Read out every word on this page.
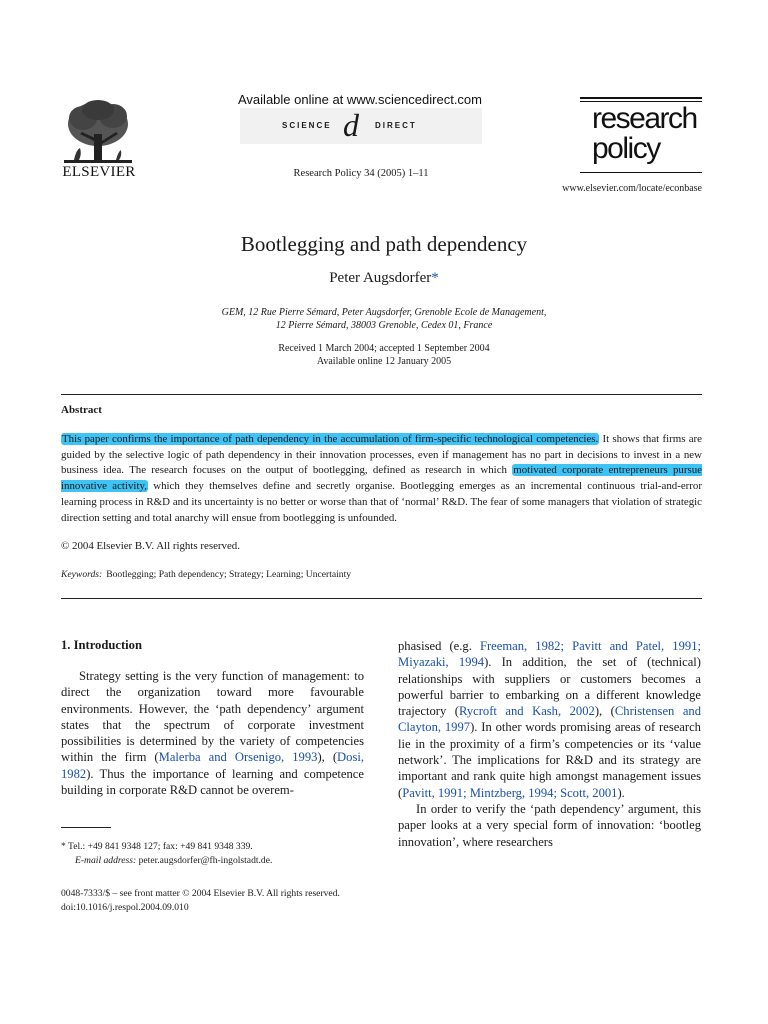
ELSEVIER
Available online at www.sciencedirect.com
SCIENCE d DIRECT
Research Policy 34 (2005) 1–11
research
policy
www.elsevier.com/locate/econbase
Bootlegging and path dependency
Peter Augsdorfer*
GEM, 12 Rue Pierre Sémard, Peter Augsdorfer, Grenoble Ecole de Management,
12 Pierre Sémard, 38003 Grenoble, Cedex 01, France
Received 1 March 2004; accepted 1 September 2004
Available online 12 January 2005
Abstract
This paper confirms the importance of path dependency in the accumulation of firm-specific technological competencies. It shows that firms are guided by the selective logic of path dependency in their innovation processes, even if management has no part in decisions to invest in a new business idea. The research focuses on the output of bootlegging, defined as research in which motivated corporate entrepreneurs pursue innovative activity, which they themselves define and secretly organise. Bootlegging emerges as an incremental continuous trial-and-error learning process in R&D and its uncertainty is no better or worse than that of ‘normal’ R&D. The fear of some managers that violation of strategic direction setting and total anarchy will ensue from bootlegging is unfounded.
© 2004 Elsevier B.V. All rights reserved.
Keywords: Bootlegging; Path dependency; Strategy; Learning; Uncertainty
1. Introduction

Strategy setting is the very function of management: to direct the organization toward more favourable environments. However, the ‘path dependency’ argument states that the spectrum of corporate investment possibilities is determined by the variety of competencies within the firm (Malerba and Orsenigo, 1993), (Dosi, 1982). Thus the importance of learning and competence building in corporate R&D cannot be overem-

phasised (e.g. Freeman, 1982; Pavitt and Patel, 1991; Miyazaki, 1994). In addition, the set of (technical) relationships with suppliers or customers becomes a powerful barrier to embarking on a different knowledge trajectory (Rycroft and Kash, 2002), (Christensen and Clayton, 1997). In other words promising areas of research lie in the proximity of a firm’s competencies or its ‘value network’. The implications for R&D and its strategy are important and rank quite high amongst management issues (Pavitt, 1991; Mintzberg, 1994; Scott, 2001).

In order to verify the ‘path dependency’ argument, this paper looks at a very special form of innovation: ‘bootleg innovation’, where researchers

* Tel.: +49 841 9348 127; fax: +49 841 9348 339.
E-mail address: peter.augsdorfer@fh-ingolstadt.de.
0048-7333/$ – see front matter © 2004 Elsevier B.V. All rights reserved.
doi:10.1016/j.respol.2004.09.010
